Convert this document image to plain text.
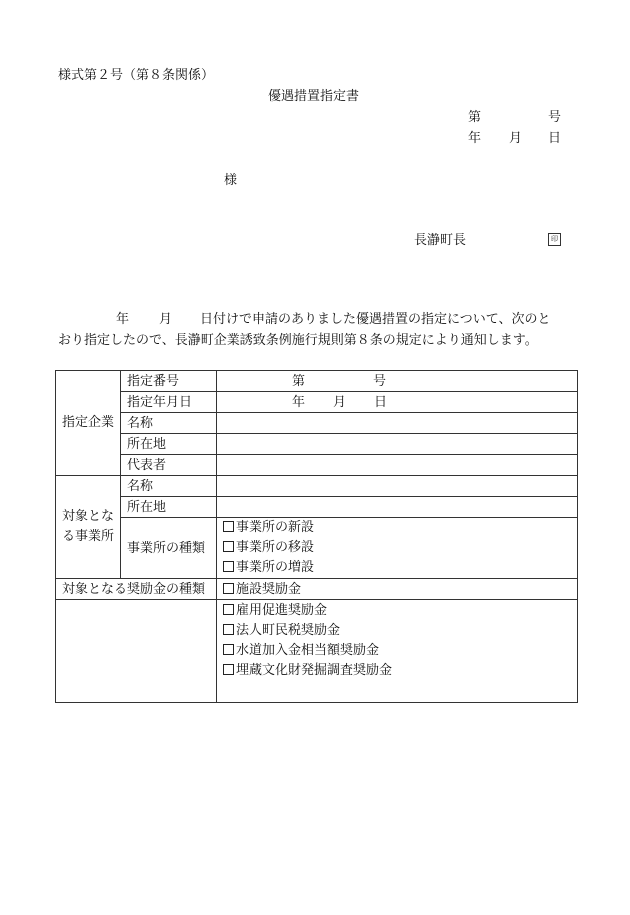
様式第２号（第８条関係）
優遇措置指定書
第	号
年 月 日
様
長瀞町長	印
年 月 日付けで申請のありました優遇措置の指定について、次のと
おり指定したので、長瀞町企業誘致条例施行規則第８条の規定により通知します。
指定企業	指定番号	第 号
	指定年月日	年 月 日
	名称	
	所在地	
	代表者	
対象となる事業所	名称	
	所在地	
	事業所の種類	事業所の新設
事業所の移設
事業所の増設

対象となる奨励金の種類		施設奨励金

		雇用促進奨励金
法人町民税奨励金
水道加入金相当額奨励金
埋蔵文化財発掘調査奨励金
